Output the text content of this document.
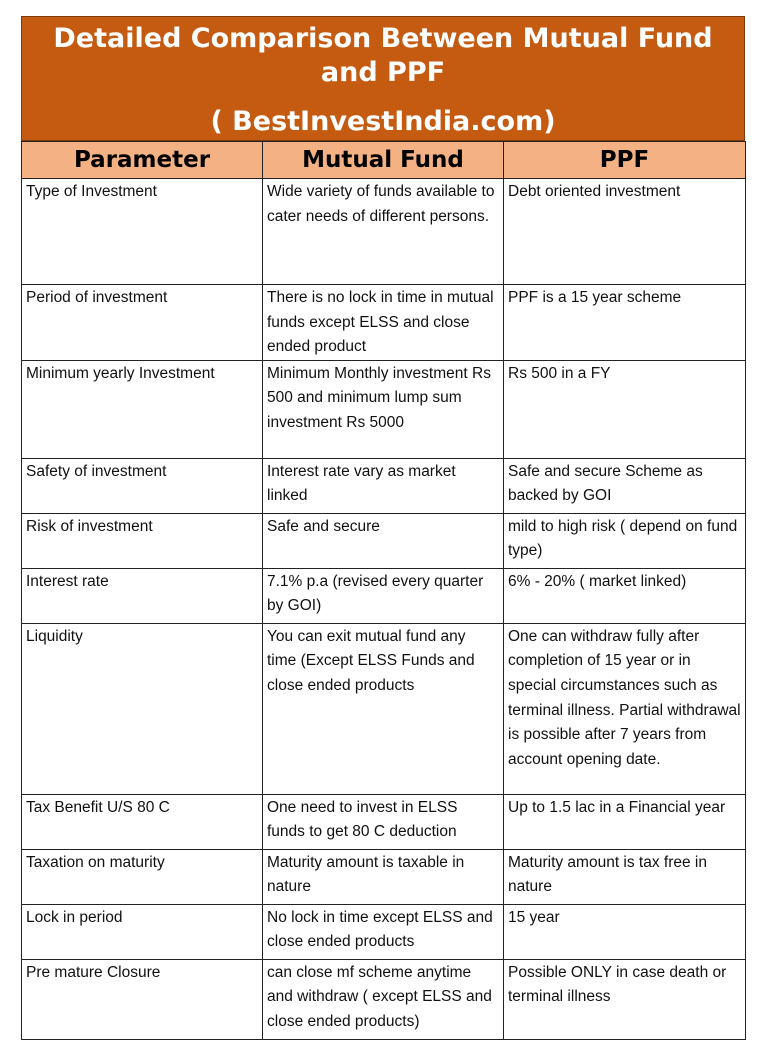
Detailed Comparison Between Mutual Fund
and PPF
( BestInvestIndia.com)
Parameter	Mutual Fund	PPF
Type of Investment	Wide variety of funds available to cater needs of different persons.	Debt oriented investment
Period of investment	There is no lock in time in mutual funds except ELSS and close ended product	PPF is a 15 year scheme
Minimum yearly Investment	Minimum Monthly investment Rs 500 and minimum lump sum investment Rs 5000	Rs 500 in a FY
Safety of investment	Interest rate vary as market linked	Safe and secure Scheme as backed by GOI
Risk of investment	Safe and secure	mild to high risk ( depend on fund type)
Interest rate	7.1% p.a (revised every quarter by GOI)	6% - 20% ( market linked)
Liquidity	You can exit mutual fund any time (Except ELSS Funds and close ended products	One can withdraw fully after completion of 15 year or in special circumstances such as terminal illness. Partial withdrawal is possible after 7 years from account opening date.
Tax Benefit U/S 80 C	One need to invest in ELSS funds to get 80 C deduction	Up to 1.5 lac in a Financial year
Taxation on maturity	Maturity amount is taxable in nature	Maturity amount is tax free in nature
Lock in period	No lock in time except ELSS and close ended products	15 year
Pre mature Closure	can close mf scheme anytime and withdraw ( except ELSS and close ended products)	Possible ONLY in case death or terminal illness
